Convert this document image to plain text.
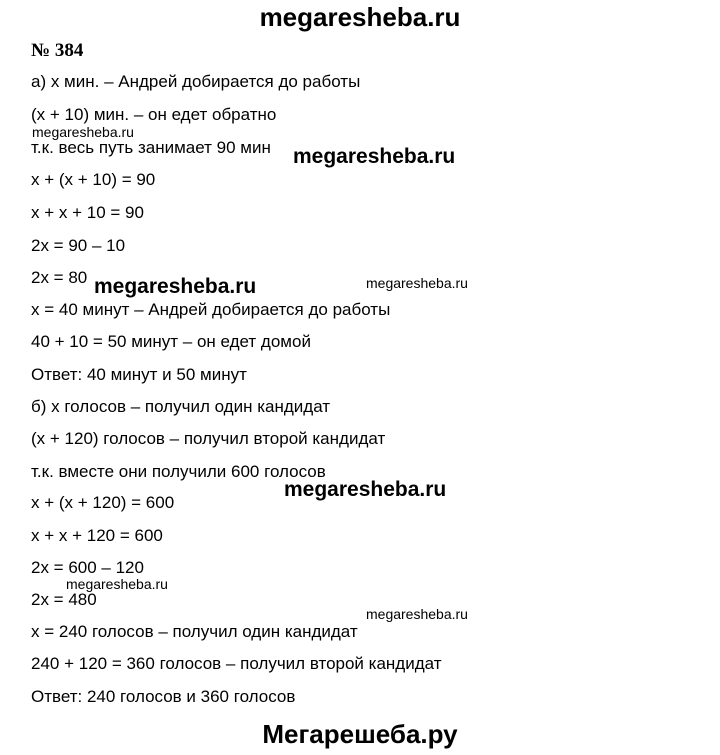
megaresheba.ru
№ 384
а) х мин. – Андрей добирается до работы
(х + 10) мин. – он едет обратно
т.к. весь путь занимает 90 мин
х + (х + 10) = 90
х + х + 10 = 90
2х = 90 – 10
2х = 80
х = 40 минут – Андрей добирается до работы
40 + 10 = 50 минут – он едет домой
Ответ: 40 минут и 50 минут
б) х голосов – получил один кандидат
(х + 120) голосов – получил второй кандидат
т.к. вместе они получили 600 голосов
х + (х + 120) = 600
х + х + 120 = 600
2х = 600 – 120
2х = 480
х = 240 голосов – получил один кандидат
240 + 120 = 360 голосов – получил второй кандидат
Ответ: 240 голосов и 360 голосов
megaresheba.ru
megaresheba.ru
megaresheba.ru	megaresheba.ru
megaresheba.ru
megaresheba.ru
megaresheba.ru
Мегарешеба.ру
